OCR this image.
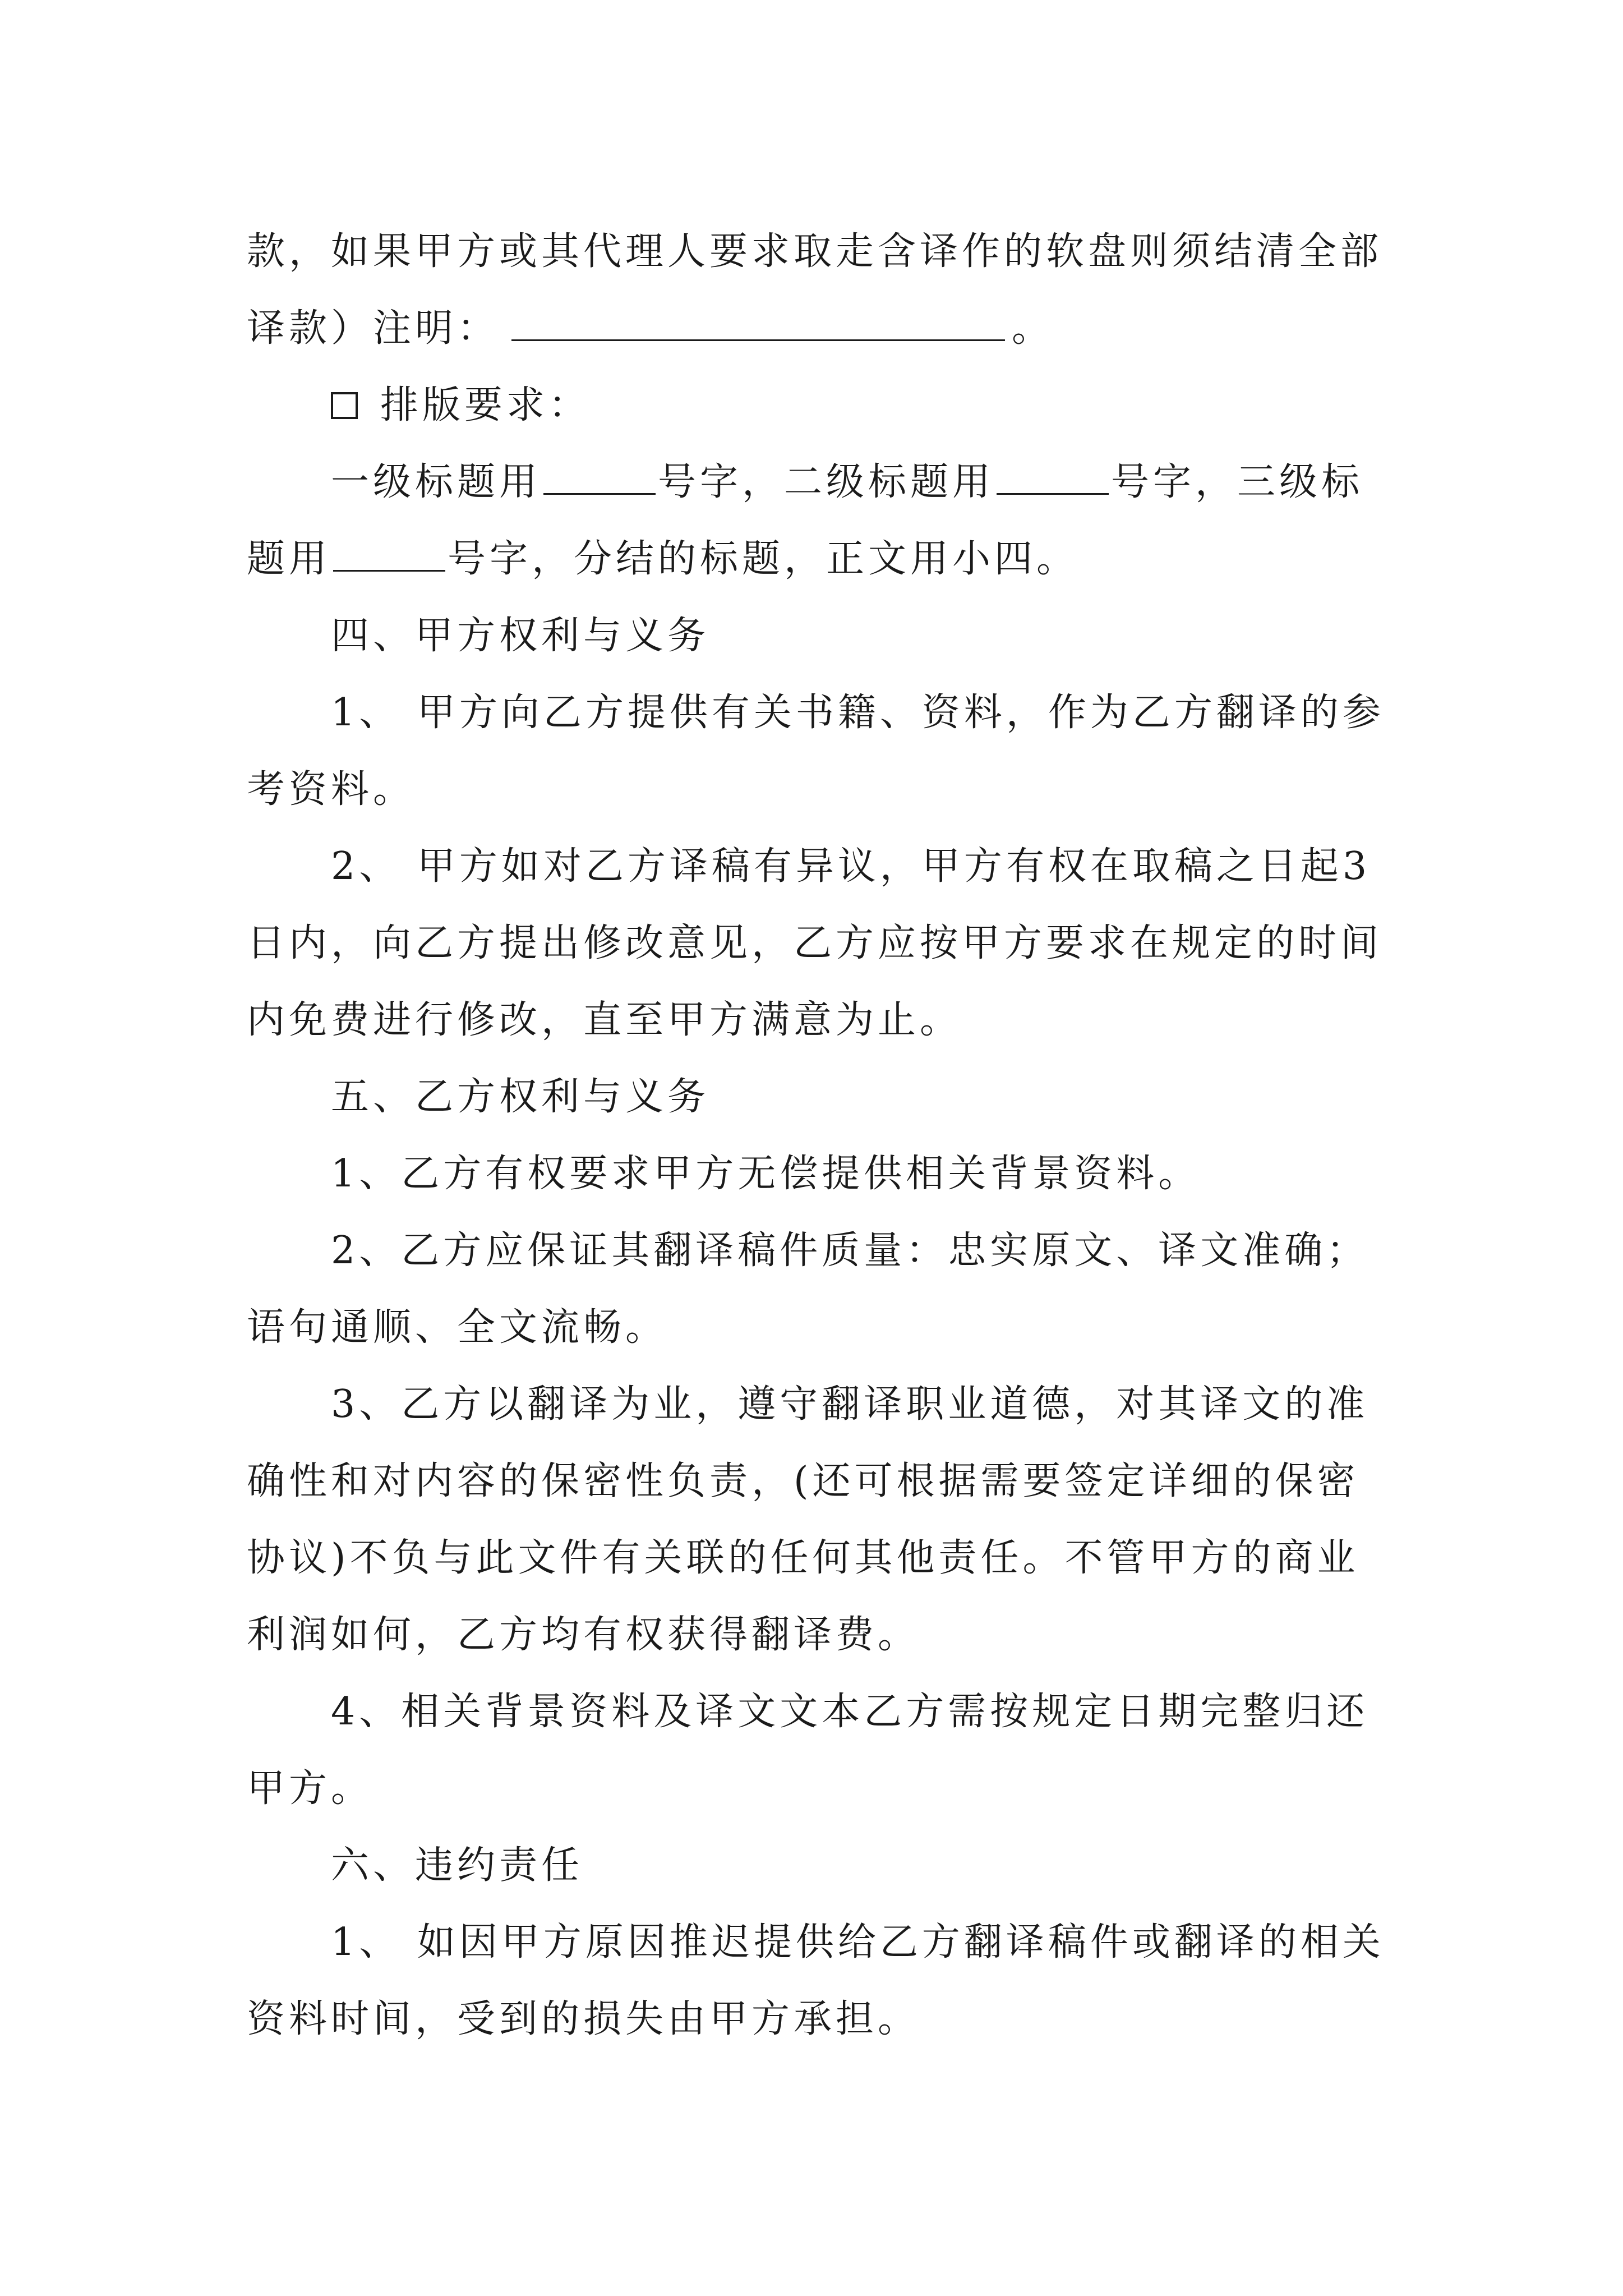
款，如果甲方或其代理人要求取走含译作的软盘则须结清全部译款）注明：	。

排版要求：

一级标题用	号字，二级标题用	号字，三级标题用	号字，分结的标题，正文用小四。

四、甲方权利与义务

1、 甲方向乙方提供有关书籍、资料，作为乙方翻译的参考资料。

2、 甲方如对乙方译稿有异议，甲方有权在取稿之日起3日内，向乙方提出修改意见，乙方应按甲方要求在规定的时间内免费进行修改，直至甲方满意为止。

五、乙方权利与义务

1、乙方有权要求甲方无偿提供相关背景资料。

2、乙方应保证其翻译稿件质量：忠实原文、译文准确；语句通顺、全文流畅。

3、乙方以翻译为业，遵守翻译职业道德，对其译文的准确性和对内容的保密性负责，(还可根据需要签定详细的保密协议)不负与此文件有关联的任何其他责任。不管甲方的商业利润如何，乙方均有权获得翻译费。

4、相关背景资料及译文文本乙方需按规定日期完整归还甲方。

六、违约责任

1、 如因甲方原因推迟提供给乙方翻译稿件或翻译的相关资料时间，受到的损失由甲方承担。
